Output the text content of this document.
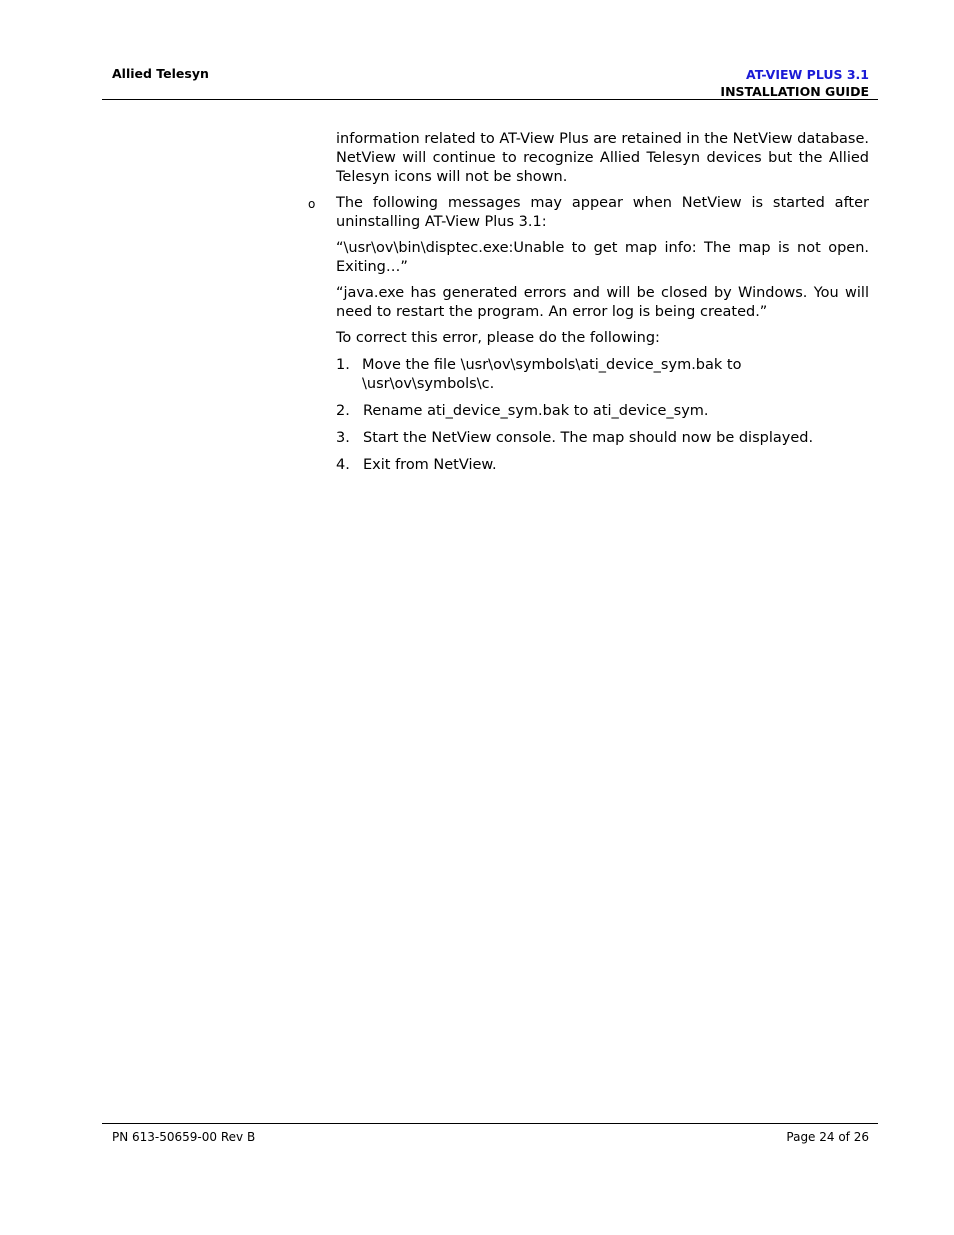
Allied Telesyn	AT-VIEW PLUS 3.1
INSTALLATION GUIDE

information related to AT-View Plus are retained in the NetView database. NetView will continue to recognize Allied Telesyn devices but the Allied Telesyn icons will not be shown.

o The following messages may appear when NetView is started after uninstalling AT-View Plus 3.1:

“\usr\ov\bin\disptec.exe:Unable to get map info: The map is not open. Exiting…”

“java.exe has generated errors and will be closed by Windows. You will need to restart the program. An error log is being created.”

To correct this error, please do the following:

1. Move the file \usr\ov\symbols\ati_device_sym.bak to \usr\ov\symbols\c.
2. Rename ati_device_sym.bak to ati_device_sym.
3. Start the NetView console. The map should now be displayed.
4. Exit from NetView.
PN 613-50659-00 Rev B	Page 24 of 26
